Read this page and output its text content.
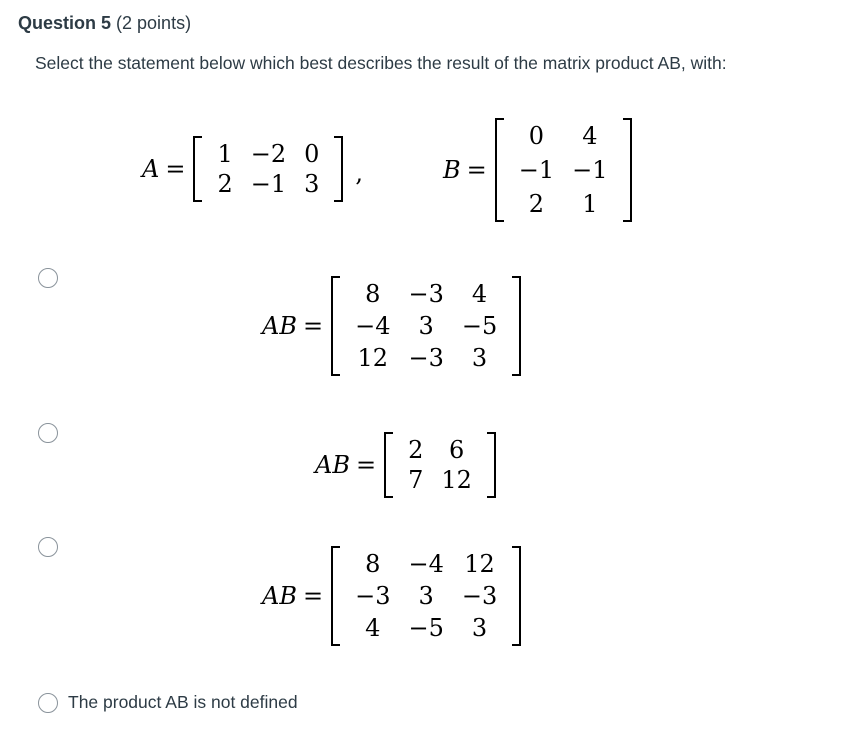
Question 5 (2 points)
Select the statement below which best describes the result of the matrix product AB, with:
A =
1 −2 0
2 −1 3	,	B =
0	4
−1 −1
2	1
AB =
8	−3	4
−4	3	−5
12 −3	3
AB =
2	6
7 12
AB =
8	−4 12
−3	3	−3
4	−5	3
The product AB is not defined
